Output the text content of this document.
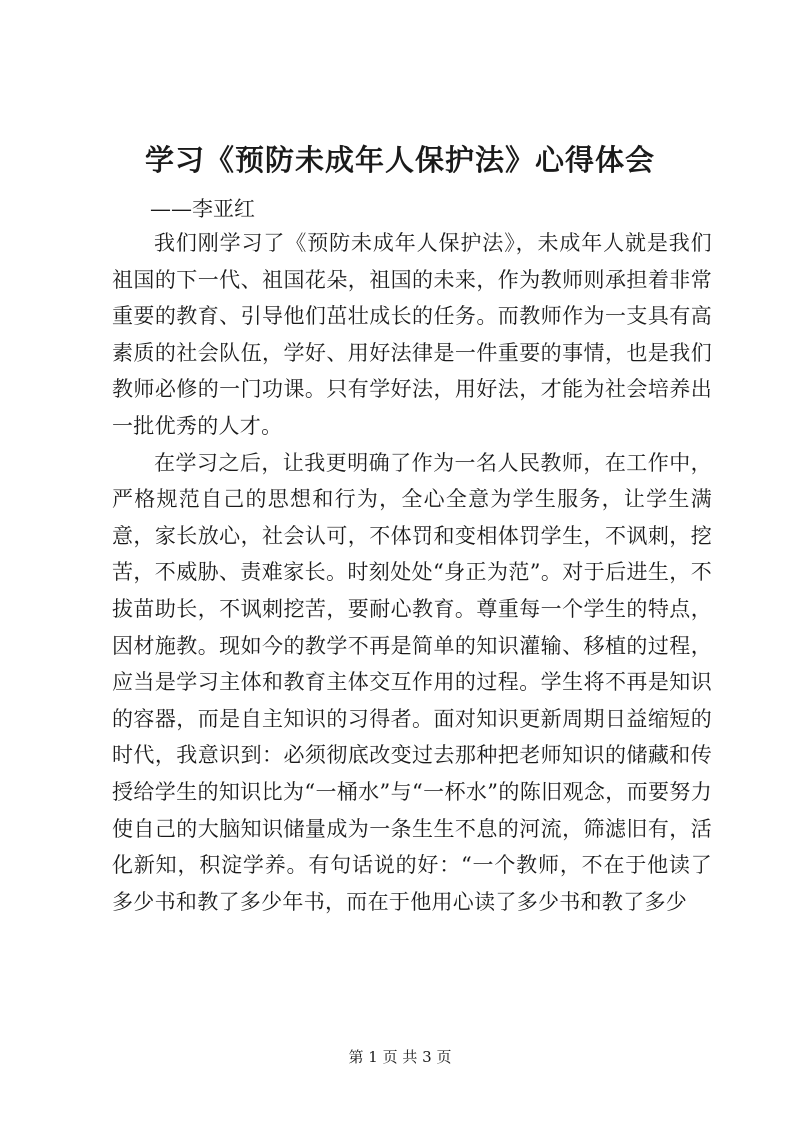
学习《预防未成年人保护法》心得体会

——李亚红

我们刚学习了《预防未成年人保护法》，未成年人就是我们祖国的下一代、祖国花朵，祖国的未来，作为教师则承担着非常重要的教育、引导他们茁壮成长的任务。而教师作为一支具有高素质的社会队伍，学好、用好法律是一件重要的事情，也是我们教师必修的一门功课。只有学好法，用好法，才能为社会培养出一批优秀的人才。

在学习之后，让我更明确了作为一名人民教师，在工作中，严格规范自己的思想和行为，全心全意为学生服务，让学生满意，家长放心，社会认可，不体罚和变相体罚学生，不讽刺，挖苦，不威胁、责难家长。时刻处处“身正为范”。对于后进生，不拔苗助长，不讽刺挖苦，要耐心教育。尊重每一个学生的特点，因材施教。现如今的教学不再是简单的知识灌输、移植的过程，应当是学习主体和教育主体交互作用的过程。学生将不再是知识的容器，而是自主知识的习得者。面对知识更新周期日益缩短的时代，我意识到：必须彻底改变过去那种把老师知识的储藏和传授给学生的知识比为“一桶水”与“一杯水”的陈旧观念，而要努力使自己的大脑知识储量成为一条生生不息的河流，筛滤旧有，活化新知，积淀学养。有句话说的好：“一个教师，不在于他读了多少书和教了多少年书，而在于他用心读了多少书和教了多少

第 1 页 共 3 页
